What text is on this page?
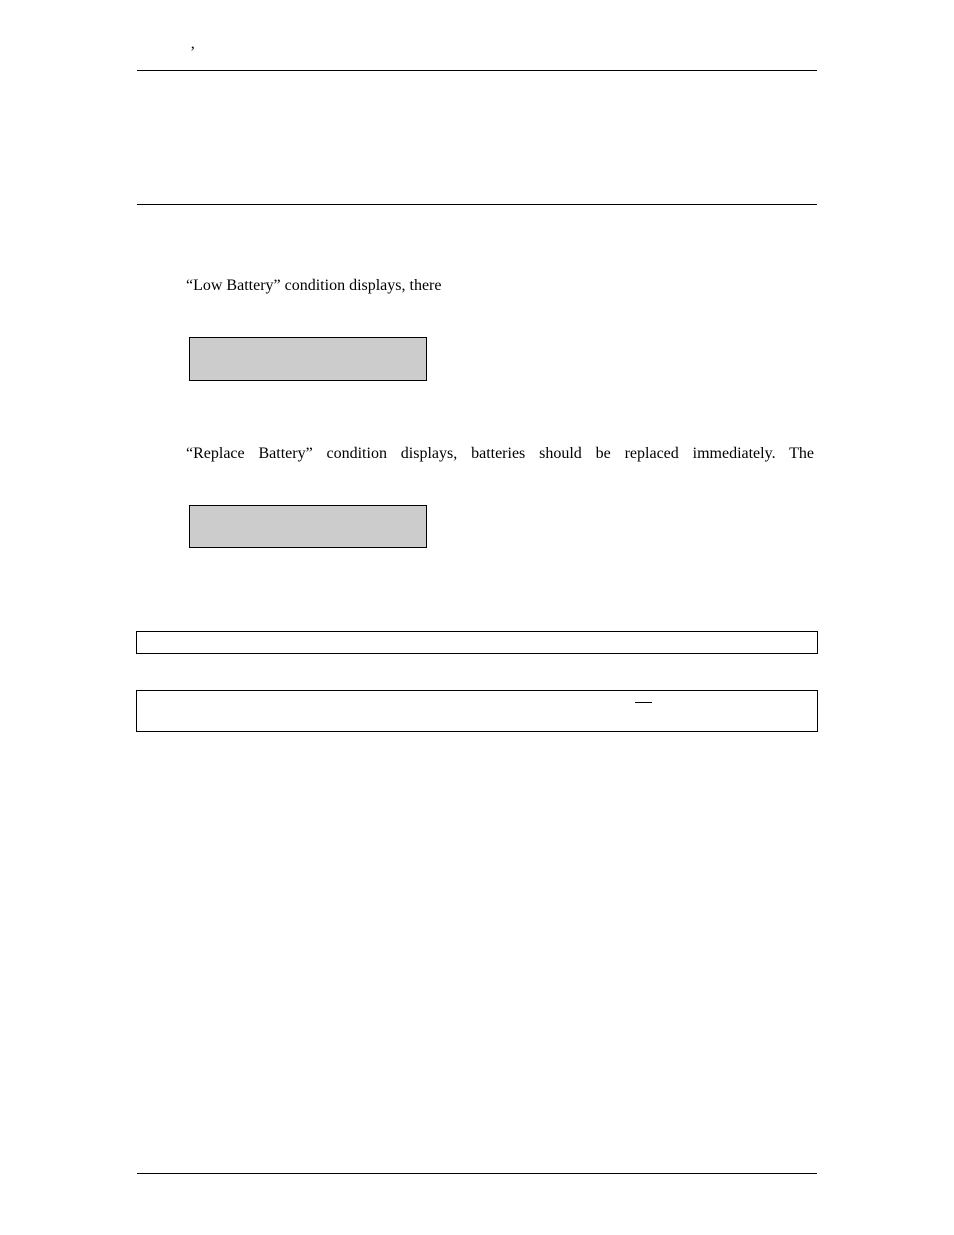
’
“Low Battery” condition displays, there
“Replace Battery” condition displays, batteries should be replaced immediately. The
